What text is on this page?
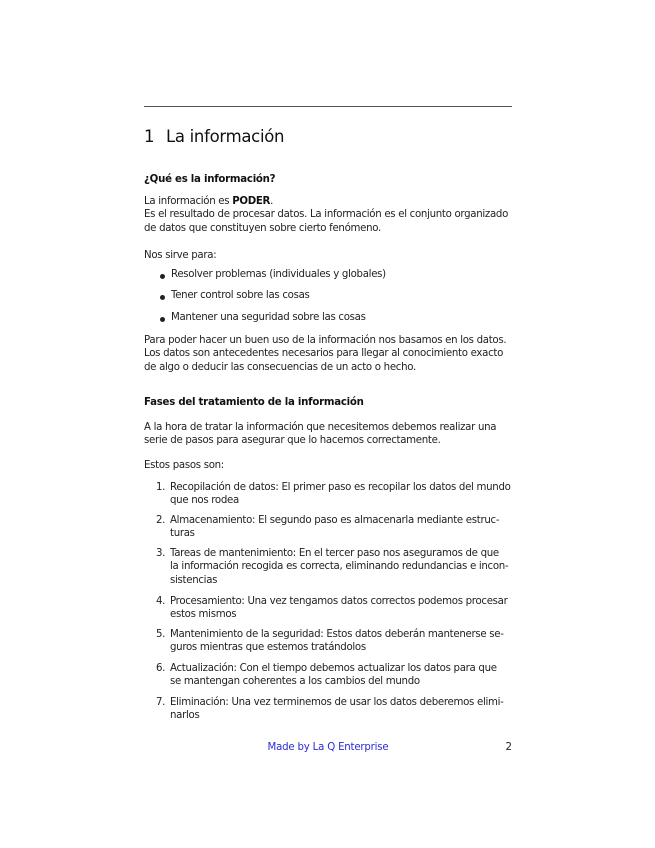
1 La información
¿Qué es la información?

La información es PODER.
Es el resultado de procesar datos. La información es el conjunto organizado
de datos que constituyen sobre cierto fenómeno.

Nos sirve para:

Resolver problemas (individuales y globales)
Tener control sobre las cosas
Mantener una seguridad sobre las cosas

Para poder hacer un buen uso de la información nos basamos en los datos.
Los datos son antecedentes necesarios para llegar al conocimiento exacto
de algo o deducir las consecuencias de un acto o hecho.

Fases del tratamiento de la información

A la hora de tratar la información que necesitemos debemos realizar una
serie de pasos para asegurar que lo hacemos correctamente.

Estos pasos son:

1. Recopilación de datos: El primer paso es recopilar los datos del mundo
que nos rodea
2. Almacenamiento: El segundo paso es almacenarla mediante estruc-
turas
3. Tareas de mantenimiento: En el tercer paso nos aseguramos de que
la información recogida es correcta, eliminando redundancias e incon-
sistencias
4. Procesamiento: Una vez tengamos datos correctos podemos procesar
estos mismos
5. Mantenimiento de la seguridad: Estos datos deberán mantenerse se-
guros mientras que estemos tratándolos
6. Actualización: Con el tiempo debemos actualizar los datos para que
se mantengan coherentes a los cambios del mundo
7. Eliminación: Una vez terminemos de usar los datos deberemos elimi-
narlos
Made by La Q Enterprise	2
